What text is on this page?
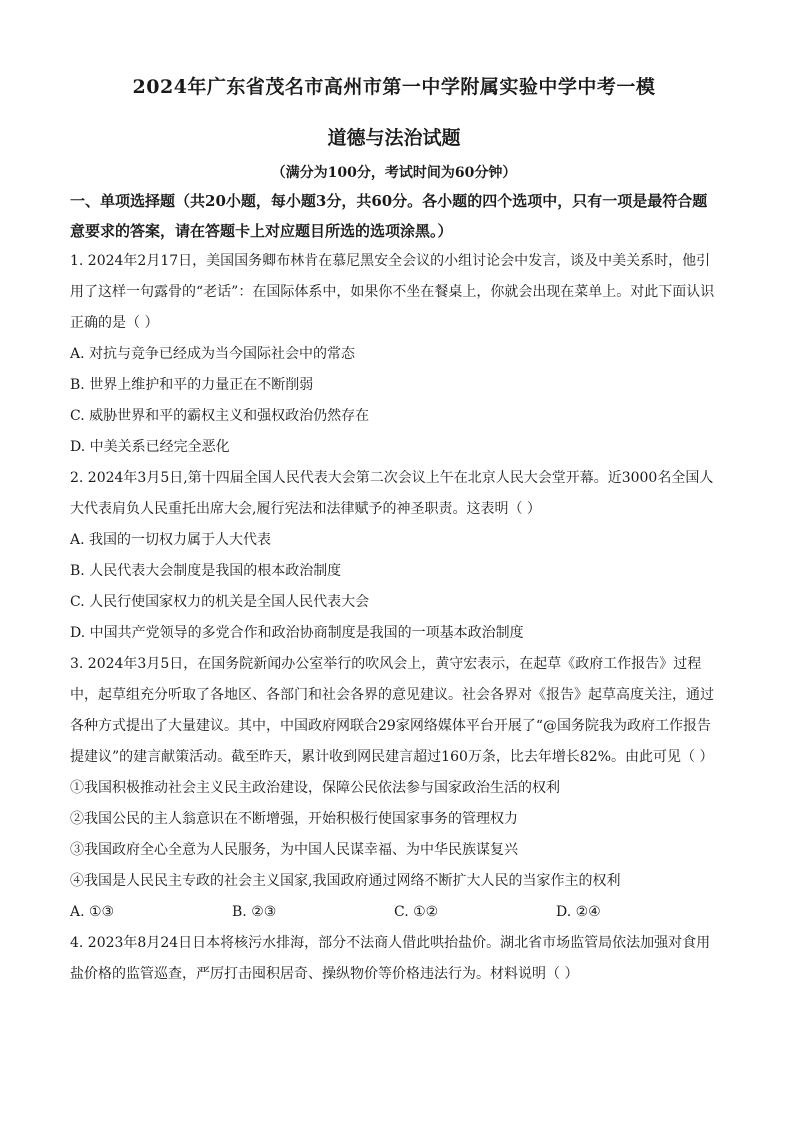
2024年广东省茂名市高州市第一中学附属实验中学中考一模

道德与法治试题

（满分为100分，考试时间为60分钟）

一、单项选择题（共20小题，每小题3分，共60分。各小题的四个选项中，只有一项是最符合题意要求的答案，请在答题卡上对应题目所选的选项涂黑。）

1. 2024年2月17日，美国国务卿布林肯在慕尼黑安全会议的小组讨论会中发言，谈及中美关系时，他引用了这样一句露骨的“老话”：在国际体系中，如果你不坐在餐桌上，你就会出现在菜单上。对此下面认识正确的是（ ）

A. 对抗与竞争已经成为当今国际社会中的常态

B. 世界上维护和平的力量正在不断削弱

C. 威胁世界和平的霸权主义和强权政治仍然存在

D. 中美关系已经完全恶化

2. 2024年3月5日,第十四届全国人民代表大会第二次会议上午在北京人民大会堂开幕。近3000名全国人大代表肩负人民重托出席大会,履行宪法和法律赋予的神圣职责。这表明（ ）

A. 我国的一切权力属于人大代表

B. 人民代表大会制度是我国的根本政治制度

C. 人民行使国家权力的机关是全国人民代表大会

D. 中国共产党领导的多党合作和政治协商制度是我国的一项基本政治制度

3. 2024年3月5日，在国务院新闻办公室举行的吹风会上，黄守宏表示，在起草《政府工作报告》过程中，起草组充分听取了各地区、各部门和社会各界的意见建议。社会各界对《报告》起草高度关注，通过各种方式提出了大量建议。其中，中国政府网联合29家网络媒体平台开展了“@国务院我为政府工作报告提建议”的建言献策活动。截至昨天，累计收到网民建言超过160万条，比去年增长82%。由此可见（ ）

①我国积极推动社会主义民主政治建设，保障公民依法参与国家政治生活的权利

②我国公民的主人翁意识在不断增强，开始积极行使国家事务的管理权力

③我国政府全心全意为人民服务，为中国人民谋幸福、为中华民族谋复兴

④我国是人民民主专政的社会主义国家,我国政府通过网络不断扩大人民的当家作主的权利

A. ①③	B. ②③	C. ①②	D. ②④

4. 2023年8月24日日本将核污水排海，部分不法商人借此哄抬盐价。湖北省市场监管局依法加强对食用盐价格的监管巡查，严厉打击囤积居奇、操纵物价等价格违法行为。材料说明（ ）
